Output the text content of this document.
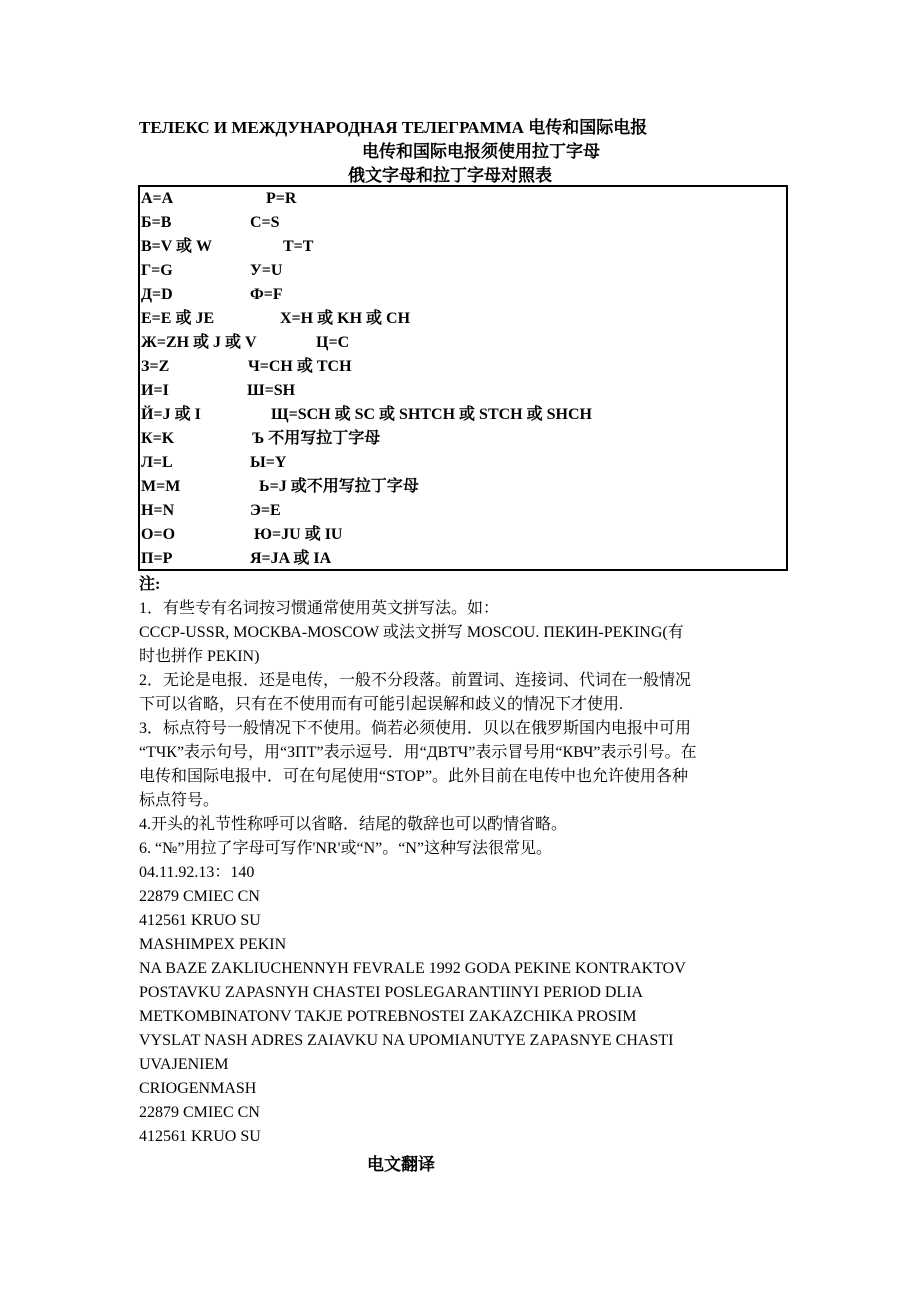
ТЕЛЕКС И МЕЖДУНАРОДНАЯ ТЕЛЕГРАММА 电传和国际电报
电传和国际电报须使用拉丁字母
俄文字母和拉丁字母对照表
А=A	Р=R
Б=B	С=S
В=V 或 W	Т=T
Г=G	У=U
Д=D	Ф=F
Е=E 或 JE	Х=H 或 KH 或 CH
Ж=ZH 或 J 或 V	Ц=C
З=Z	Ч=CH 或 TCH
И=I	Ш=SH
Й=J 或 I	Щ=SCH 或 SC 或 SHTCH 或 STCH 或 SHCH
К=K	Ъ 不用写拉丁字母
Л=L	Ы=Y
М=M	Ь=J 或不用写拉丁字母
Н=N	Э=E
О=O	Ю=JU 或 IU
П=P	Я=JA 或 IA
注:
1．有些专有名词按习惯通常使用英文拼写法。如：
CCCP-USSR, МОСКВА-MOSCOW 或法文拼写 MOSCOU. ПЕКИН-PEKING(有
时也拼作 PEKIN)
2．无论是电报．还是电传，一般不分段落。前置词、连接词、代词在一般情况
下可以省略，只有在不使用而有可能引起误解和歧义的情况下才使用.
3．标点符号一般情况下不使用。倘若必须使用．贝以在俄罗斯国内电报中可用
“ТЧК”表示句号，用“ЗПТ”表示逗号．用“ДВТЧ”表示冒号用“КВЧ”表示引号。在
电传和国际电报中．可在句尾使用“STOP”。此外目前在电传中也允许使用各种
标点符号。
4.开头的礼节性称呼可以省略．结尾的敬辞也可以酌情省略。
6. “№”用拉了字母可写作'NR'或“N”。“N”这种写法很常见。
04.11.92.13：140
22879 CMIEC CN
412561 KRUO SU
MASHIMPEX PEKIN
NA BAZE ZAKLIUCHENNYH FEVRALE 1992 GODA PEKINE KONTRAKTOV
POSTAVKU ZAPASNYH CHASTEI POSLEGARANTIINYI PERIOD DLIA
METKOMBINATONV TAKJE POTREBNOSTEI ZAKAZCHIKA PROSIM
VYSLAT NASH ADRES ZAIAVKU NA UPOMIANUTYE ZAPASNYE CHASTI
UVAJENIEM
CRIOGENMASH
22879 CMIEC CN
412561 KRUO SU
电文翻译
